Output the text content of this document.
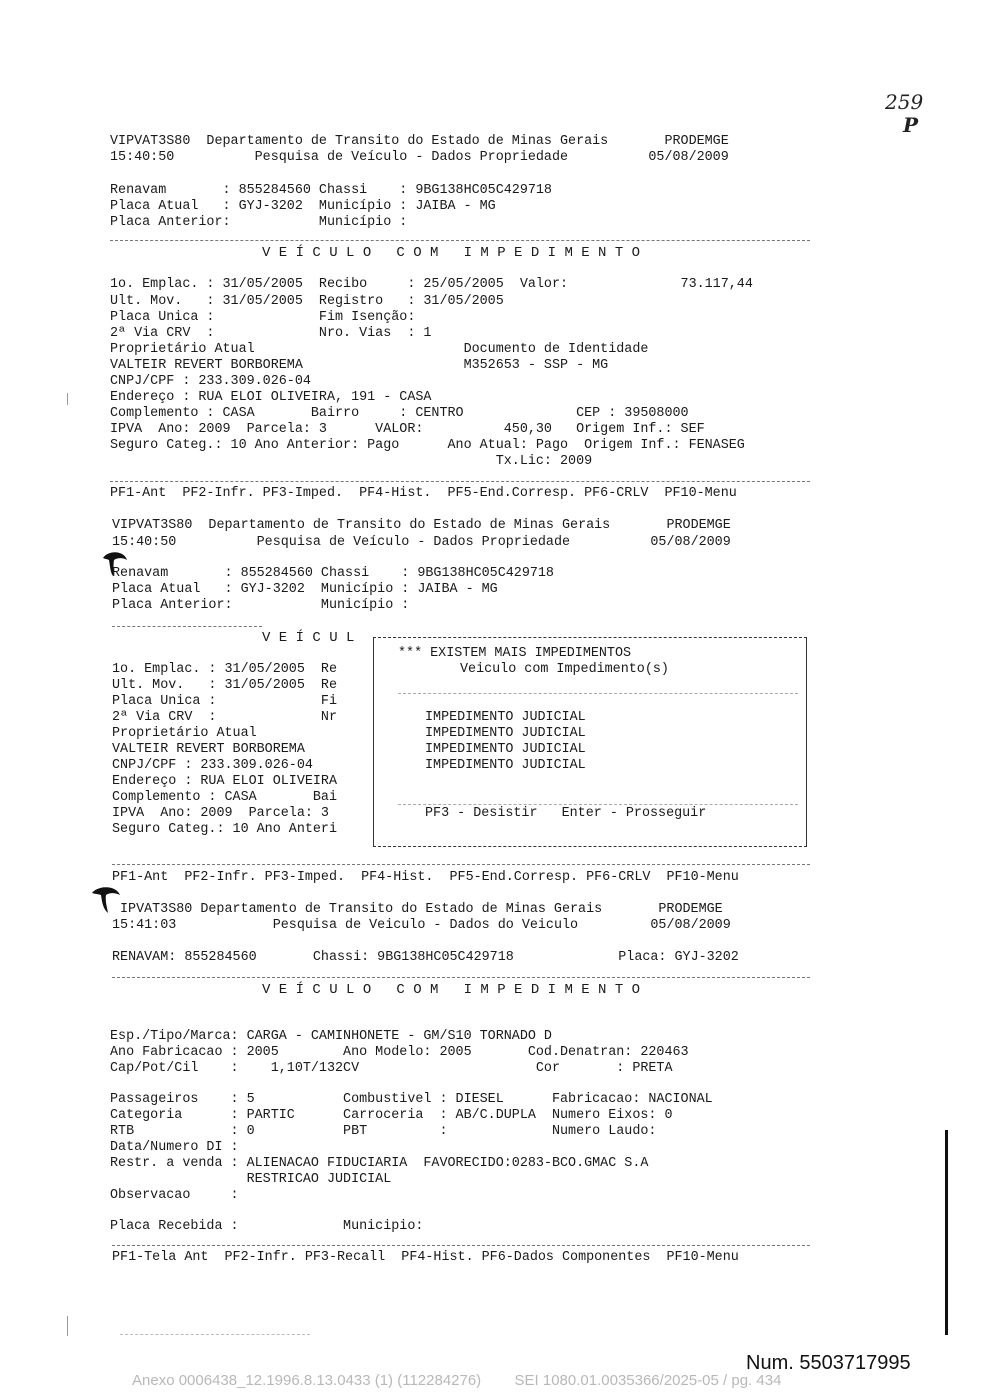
259
P
VIPVAT3S80  Departamento de Transito do Estado de Minas Gerais       PRODEMGE
15:40:50          Pesquisa de Veículo - Dados Propriedade          05/08/2009
Renavam       : 855284560 Chassi    : 9BG138HC05C429718
Placa Atual   : GYJ-3202  Município : JAIBA - MG
Placa Anterior:           Município :
V E Í C U L O   C O M   I M P E D I M E N T O
1o. Emplac. : 31/05/2005  Recibo     : 25/05/2005  Valor:              73.117,44
Ult. Mov.   : 31/05/2005  Registro   : 31/05/2005
Placa Unica :             Fim Isenção:
2ª Via CRV  :             Nro. Vias  : 1
Proprietário Atual                          Documento de Identidade
VALTEIR REVERT BORBOREMA                    M352653 - SSP - MG
CNPJ/CPF : 233.309.026-04
Endereço : RUA ELOI OLIVEIRA, 191 - CASA
Complemento : CASA       Bairro     : CENTRO              CEP : 39508000
IPVA  Ano: 2009  Parcela: 3      VALOR:          450,30   Origem Inf.: SEF
Seguro Categ.: 10 Ano Anterior: Pago      Ano Atual: Pago  Origem Inf.: FENASEG
Tx.Lic: 2009
PF1-Ant  PF2-Infr. PF3-Imped.  PF4-Hist.  PF5-End.Corresp. PF6-CRLV  PF10-Menu
VIPVAT3S80  Departamento de Transito do Estado de Minas Gerais       PRODEMGE
15:40:50          Pesquisa de Veículo - Dados Propriedade          05/08/2009
Renavam       : 855284560 Chassi    : 9BG138HC05C429718
Placa Atual   : GYJ-3202  Município : JAIBA - MG
Placa Anterior:           Município :
V E Í C U L
1o. Emplac. : 31/05/2005  Re
Ult. Mov.   : 31/05/2005  Re
Placa Unica :             Fi
2ª Via CRV  :             Nr
Proprietário Atual
VALTEIR REVERT BORBOREMA
CNPJ/CPF : 233.309.026-04
Endereço : RUA ELOI OLIVEIRA
Complemento : CASA       Bai
IPVA  Ano: 2009  Parcela: 3
Seguro Categ.: 10 Ano Anteri
*** EXISTEM MAIS IMPEDIMENTOS
Veiculo com Impedimento(s)
IMPEDIMENTO JUDICIAL
IMPEDIMENTO JUDICIAL
IMPEDIMENTO JUDICIAL
IMPEDIMENTO JUDICIAL
PF3 - Desistir   Enter - Prosseguir
PF1-Ant  PF2-Infr. PF3-Imped.  PF4-Hist.  PF5-End.Corresp. PF6-CRLV  PF10-Menu
IPVAT3S80 Departamento de Transito do Estado de Minas Gerais       PRODEMGE
15:41:03            Pesquisa de Veiculo - Dados do Veiculo         05/08/2009
RENAVAM: 855284560       Chassi: 9BG138HC05C429718             Placa: GYJ-3202
V E Í C U L O   C O M   I M P E D I M E N T O
Esp./Tipo/Marca: CARGA - CAMINHONETE - GM/S10 TORNADO D
Ano Fabricacao : 2005        Ano Modelo: 2005       Cod.Denatran: 220463
Cap/Pot/Cil    :    1,10T/132CV                      Cor       : PRETA
Passageiros    : 5           Combustivel : DIESEL      Fabricacao: NACIONAL
Categoria      : PARTIC      Carroceria  : AB/C.DUPLA  Numero Eixos: 0
RTB            : 0           PBT         :             Numero Laudo:
Data/Numero DI :
Restr. a venda : ALIENACAO FIDUCIARIA  FAVORECIDO:0283-BCO.GMAC S.A
RESTRICAO JUDICIAL
Observacao     :
Placa Recebida :             Municipio:
PF1-Tela Ant  PF2-Infr. PF3-Recall  PF4-Hist. PF6-Dados Componentes  PF10-Menu
Num. 5503717995
Anexo 0006438_12.1996.8.13.0433 (1) (112284276)        SEI 1080.01.0035366/2025-05 / pg. 434
